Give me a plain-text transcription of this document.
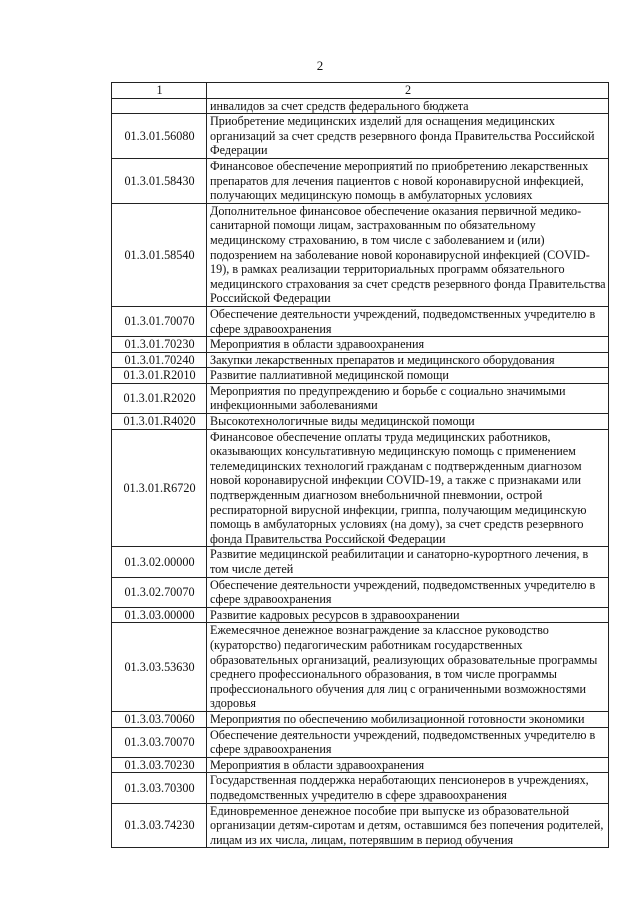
2
1	2
	инвалидов за счет средств федерального бюджета
01.3.01.56080	Приобретение медицинских изделий для оснащения медицинских организаций за счет средств резервного фонда Правительства Российской Федерации
01.3.01.58430	Финансовое обеспечение мероприятий по приобретению лекарственных препаратов для лечения пациентов с новой коронавирусной инфекцией, получающих медицинскую помощь в амбулаторных условиях
01.3.01.58540	Дополнительное финансовое обеспечение оказания первичной медико-санитарной помощи лицам, застрахованным по обязательному медицинскому страхованию, в том числе с заболеванием и (или) подозрением на заболевание новой коронавирусной инфекцией (COVID-19), в рамках реализации территориальных программ обязательного медицинского страхования за счет средств резервного фонда Правительства Российской Федерации
01.3.01.70070	Обеспечение деятельности учреждений, подведомственных учредителю в сфере здравоохранения
01.3.01.70230	Мероприятия в области здравоохранения
01.3.01.70240	Закупки лекарственных препаратов и медицинского оборудования
01.3.01.R2010	Развитие паллиативной медицинской помощи
01.3.01.R2020	Мероприятия по предупреждению и борьбе с социально значимыми инфекционными заболеваниями
01.3.01.R4020	Высокотехнологичные виды медицинской помощи
01.3.01.R6720	Финансовое обеспечение оплаты труда медицинских работников, оказывающих консультативную медицинскую помощь с применением телемедицинских технологий гражданам с подтвержденным диагнозом новой коронавирусной инфекции COVID-19, а также с признаками или подтвержденным диагнозом внебольничной пневмонии, острой респираторной вирусной инфекции, гриппа, получающим медицинскую помощь в амбулаторных условиях (на дому), за счет средств резервного фонда Правительства Российской Федерации
01.3.02.00000	Развитие медицинской реабилитации и санаторно-курортного лечения, в том числе детей
01.3.02.70070	Обеспечение деятельности учреждений, подведомственных учредителю в сфере здравоохранения
01.3.03.00000	Развитие кадровых ресурсов в здравоохранении
01.3.03.53630	Ежемесячное денежное вознаграждение за классное руководство (кураторство) педагогическим работникам государственных образовательных организаций, реализующих образовательные программы среднего профессионального образования, в том числе программы профессионального обучения для лиц с ограниченными возможностями здоровья
01.3.03.70060	Мероприятия по обеспечению мобилизационной готовности экономики
01.3.03.70070	Обеспечение деятельности учреждений, подведомственных учредителю в сфере здравоохранения
01.3.03.70230	Мероприятия в области здравоохранения
01.3.03.70300	Государственная поддержка неработающих пенсионеров в учреждениях, подведомственных учредителю в сфере здравоохранения
01.3.03.74230	Единовременное денежное пособие при выпуске из образовательной организации детям-сиротам и детям, оставшимся без попечения родителей, лицам из их числа, лицам, потерявшим в период обучения
